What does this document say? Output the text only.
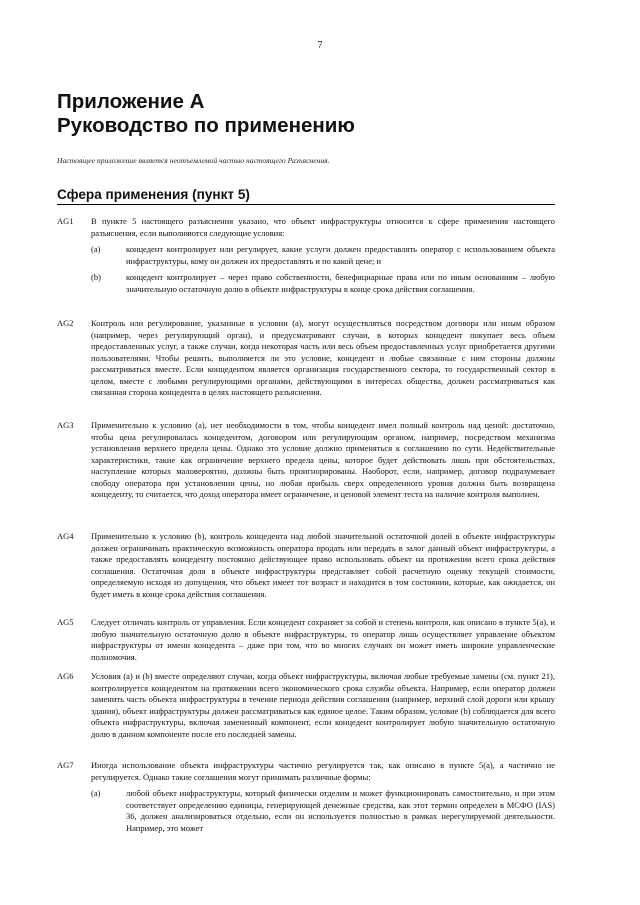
7
Приложение А
Руководство по применению

Настоящее приложение является неотъемлемой частью настоящего Разъяснения.

Сфера применения (пункт 5)
AG1	В пункте 5 настоящего разъяснения указано, что объект инфраструктуры относится к сфере применения настоящего разъяснения, если выполняются следующие условия:
(а)	концедент контролирует или регулирует, какие услуги должен предоставлять оператор с использованием объекта инфраструктуры, кому он должен их предоставлять и по какой цене; и
(b)	концедент контролирует – через право собственности, бенефициарные права или по иным основаниям – любую значительную остаточную долю в объекте инфраструктуры в конце срока действия соглашения.
AG2	Контроль или регулирование, указанные в условии (а), могут осуществляться посредством договора или иным образом (например, через регулирующий орган), и предусматривают случаи, в которых концедент покупает весь объем предоставленных услуг, а также случаи, когда некоторая часть или весь объем предоставленных услуг приобретается другими пользователями. Чтобы решить, выполняется ли это условие, концедент и любые связанные с ним стороны должны рассматриваться вместе. Если концедентом является организация государственного сектора, то государственный сектор в целом, вместе с любыми регулирующими органами, действующими в интересах общества, должен рассматриваться как связанная сторона концедента в целях настоящего разъяснения.
AG3	Применительно к условию (а), нет необходимости в том, чтобы концедент имел полный контроль над ценой: достаточно, чтобы цена регулировалась концедентом, договором или регулирующим органом, например, посредством механизма установления верхнего предела цены. Однако это условие должно применяться к соглашению по сути. Недействительные характеристики, такие как ограничение верхнего предела цены, которое будет действовать лишь при обстоятельствах, наступление которых маловероятно, должны быть проигнорированы. Наоборот, если, например, договор подразумевает свободу оператора при установлении цены, но любая прибыль сверх определенного уровня должна быть возвращена концеденту, то считается, что доход оператора имеет ограничение, и ценовой элемент теста на наличие контроля выполнен.
AG4	Применительно к условию (b), контроль концедента над любой значительной остаточной долей в объекте инфраструктуры должен ограничивать практическую возможность оператора продать или передать в залог данный объект инфраструктуры, а также предоставлять концеденту постоянно действующее право использовать объект на протяжении всего срока действия соглашения. Остаточная доля в объекте инфраструктуры представляет собой расчетную оценку текущей стоимости, определяемую исходя из допущения, что объект имеет тот возраст и находится в том состоянии, которые, как ожидается, он будет иметь в конце срока действия соглашения.
AG5	Следует отличать контроль от управления. Если концедент сохраняет за собой и степень контроля, как описано в пункте 5(а), и любую значительную остаточную долю в объекте инфраструктуры, то оператор лишь осуществляет управление объектом инфраструктуры от имени концедента – даже при том, что во многих случаях он может иметь широкие управленческие полномочия.
AG6	Условия (а) и (b) вместе определяют случаи, когда объект инфраструктуры, включая любые требуемые замены (см. пункт 21), контролируется концедентом на протяжении всего экономического срока службы объекта. Например, если оператор должен заменить часть объекта инфраструктуры в течение периода действия соглашения (например, верхний слой дороги или крышу здания), объект инфраструктуры должен рассматриваться как единое целое. Таким образом, условие (b) соблюдается для всего объекта инфраструктуры, включая замененный компонент, если концедент контролирует любую значительную остаточную долю в данном компоненте после его последней замены.
AG7	Иногда использование объекта инфраструктуры частично регулируется так, как описано в пункте 5(а), а частично не регулируется. Однако такие соглашения могут принимать различные формы:
(а)	любой объект инфраструктуры, который физически отделим и может функционировать самостоятельно, и при этом соответствует определению единицы, генерирующей денежные средства, как этот термин определен в МСФО (IAS) 36, должен анализироваться отдельно, если он используется полностью в рамках нерегулируемой деятельности. Например, это может
